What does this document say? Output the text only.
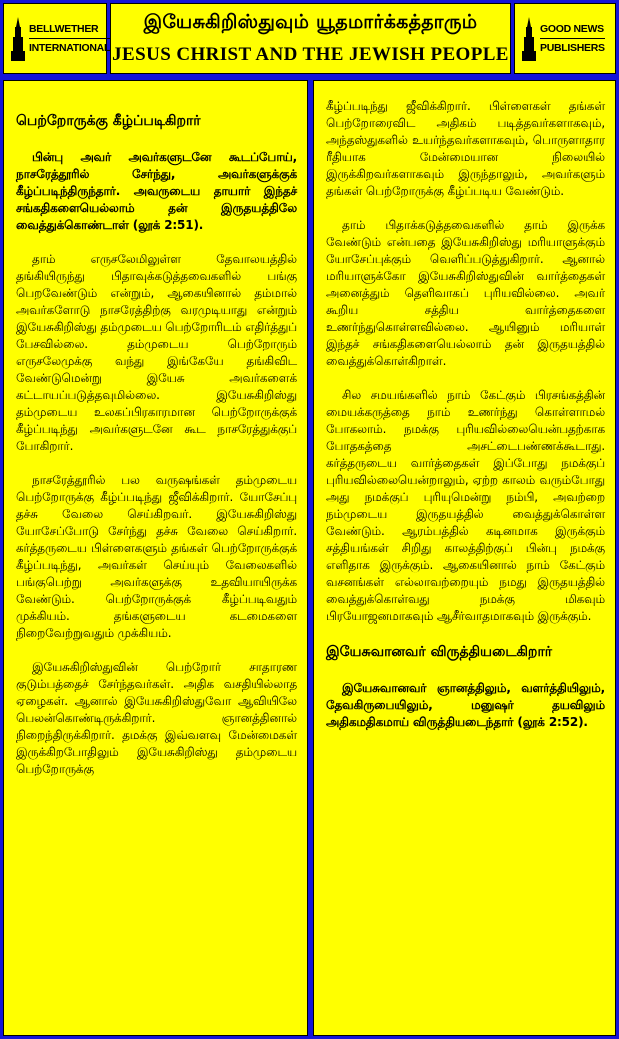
BELLWETHER
INTERNATIONAL
இயேசுகிறிஸ்துவும் யூதமார்க்கத்தாரும்
JESUS CHRIST AND THE JEWISH PEOPLE
GOOD NEWS
PUBLISHERS
பெற்றோருக்கு கீழ்ப்படிகிறார்

பின்பு அவர் அவர்களுடனே கூடப்போய், நாசரேத்தூரில் சேர்ந்து, அவர்களுக்குக் கீழ்ப்படிந்திருந்தார். அவருடைய தாயார் இந்தச் சங்கதிகளையெல்லாம் தன் இருதயத்திலே வைத்துக்கொண்டாள் (லூக் 2:51).

தாம் எருசலேமிலுள்ள தேவாலயத்தில் தங்கியிருந்து பிதாவுக்கடுத்தவைகளில் பங்கு பெறவேண்டும் என்றும், ஆகையினால் தம்மால் அவர்களோடு நாசரேத்திற்கு வரமுடியாது என்றும் இயேசுகிறிஸ்து தம்முடைய பெற்றோரிடம் எதிர்த்துப் பேசவில்லை. தம்முடைய பெற்றோரும் எருசலேமுக்கு வந்து இங்கேயே தங்கிவிட வேண்டுமென்று இயேசு அவர்களைக் கட்டாயப்படுத்தவுமில்லை. இயேசுகிறிஸ்து தம்முடைய உலகப்பிரகாரமான பெற்றோருக்குக் கீழ்ப்படிந்து அவர்களுடனே கூட நாசரேத்துக்குப் போகிறார்.

நாசரேத்தூரில் பல வருஷங்கள் தம்முடைய பெற்றோருக்கு கீழ்ப்படிந்து ஜீவிக்கிறார். யோசேப்பு தச்சு வேலை செய்கிறவர். இயேசுகிறிஸ்து யோசேப்போடு சேர்ந்து தச்சு வேலை செய்கிறார். கர்த்தருடைய பிள்ளைகளும் தங்கள் பெற்றோருக்குக் கீழ்ப்படிந்து, அவர்கள் செய்யும் வேலைகளில் பங்குபெற்று அவர்களுக்கு உதவியாயிருக்க வேண்டும். பெற்றோருக்குக் கீழ்ப்படிவதும் முக்கியம். தங்களுடைய கடமைகளை நிறைவேற்றுவதும் முக்கியம்.

இயேசுகிறிஸ்துவின் பெற்றோர் சாதாரண குடும்பத்தைச் சேர்ந்தவர்கள். அதிக வசதியில்லாத ஏழைகள். ஆனால் இயேசுகிறிஸ்துவோ ஆவியிலே பெலன்கொண்டிருக்கிறார். ஞானத்தினால் நிறைந்திருக்கிறார். தமக்கு இவ்வளவு மேன்மைகள் இருக்கிறபோதிலும் இயேசுகிறிஸ்து தம்முடைய பெற்றோருக்கு

கீழ்ப்படிந்து ஜீவிக்கிறார். பிள்ளைகள் தங்கள் பெற்றோரைவிட அதிகம் படித்தவர்களாகவும், அந்தஸ்துகளில் உயர்ந்தவர்களாகவும், பொருளாதார ரீதியாக மேன்மையான நிலையில் இருக்கிறவர்களாகவும் இருந்தாலும், அவர்களும் தங்கள் பெற்றோருக்கு கீழ்ப்படிய வேண்டும்.

தாம் பிதாக்கடுத்தவைகளில் தாம் இருக்க வேண்டும் என்பதை இயேசுகிறிஸ்து மரியாளுக்கும் யோசேப்புக்கும் வெளிப்படுத்துகிறார். ஆனால் மரியாளுக்கோ இயேசுகிறிஸ்துவின் வார்த்தைகள் அனைத்தும் தெளிவாகப் புரியவில்லை. அவர் கூறிய சத்திய வார்த்தைகளை உணர்ந்துகொள்ளவில்லை. ஆயினும் மரியாள் இந்தச் சங்கதிகளையெல்லாம் தன் இருதயத்தில் வைத்துக்கொள்கிறாள்.

சில சமயங்களில் நாம் கேட்கும் பிரசங்கத்தின் மையக்கருத்தை நாம் உணர்ந்து கொள்ளாமல் போகலாம். நமக்கு புரியவில்லையென்பதற்காக போதகத்தை அசட்டைபண்ணக்கூடாது. கர்த்தருடைய வார்த்தைகள் இப்போது நமக்குப் புரியவில்லையென்றாலும், ஏற்ற காலம் வரும்போது அது நமக்குப் புரியுமென்று நம்பி, அவற்றை நம்முடைய இருதயத்தில் வைத்துக்கொள்ள வேண்டும். ஆரம்பத்தில் கடினமாக இருக்கும் சத்தியங்கள் சிறிது காலத்திற்குப் பின்பு நமக்கு எளிதாக இருக்கும். ஆகையினால் நாம் கேட்கும் வசனங்கள் எல்லாவற்றையும் நமது இருதயத்தில் வைத்துக்கொள்வது நமக்கு மிகவும் பிரயோஜனமாகவும் ஆசீர்வாதமாகவும் இருக்கும்.

இயேசுவானவர் விருத்தியடைகிறார்

இயேசுவானவர் ஞானத்திலும், வளர்த்தியிலும், தேவகிருபையிலும், மனுஷர் தயவிலும் அதிகமதிகமாய் விருத்தியடைந்தார் (லூக் 2:52).
